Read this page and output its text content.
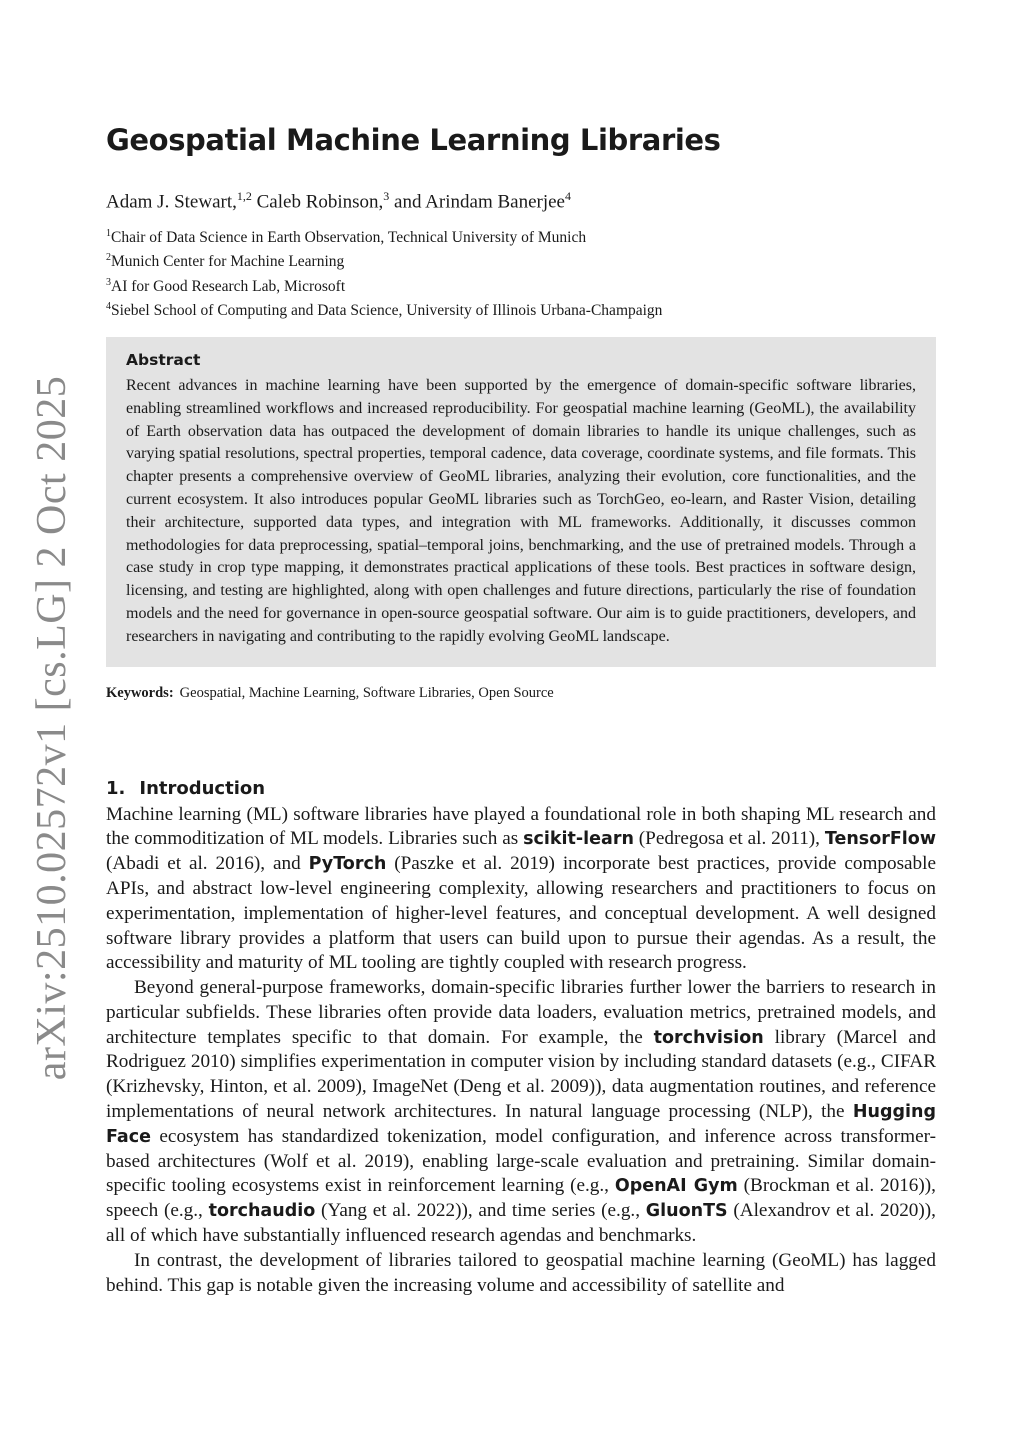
arXiv:2510.02572v1 [cs.LG] 2 Oct 2025
Geospatial Machine Learning Libraries
Adam J. Stewart,$^{1,2}$ Caleb Robinson,$^3$ and Arindam Banerjee$^4$
$^1$Chair of Data Science in Earth Observation, Technical University of Munich
$^2$Munich Center for Machine Learning
$^3$AI for Good Research Lab, Microsoft
$^4$Siebel School of Computing and Data Science, University of Illinois Urbana-Champaign
Abstract
Recent advances in machine learning have been supported by the emergence of domain-specific software libraries, enabling streamlined workflows and increased reproducibility. For geospatial machine learning (GeoML), the availability of Earth observation data has outpaced the development of domain libraries to handle its unique challenges, such as varying spatial resolutions, spectral properties, temporal cadence, data coverage, coordinate systems, and file formats. This chapter presents a comprehensive overview of GeoML libraries, analyzing their evolution, core functionalities, and the current ecosystem. It also introduces popular GeoML libraries such as TorchGeo, eo-learn, and Raster Vision, detailing their architecture, supported data types, and integration with ML frameworks. Additionally, it discusses common methodologies for data preprocessing, spatial–temporal joins, benchmarking, and the use of pretrained models. Through a case study in crop type mapping, it demonstrates practical applications of these tools. Best practices in software design, licensing, and testing are highlighted, along with open challenges and future directions, particularly the rise of foundation models and the need for governance in open-source geospatial software. Our aim is to guide practitioners, developers, and researchers in navigating and contributing to the rapidly evolving GeoML landscape.
Keywords: Geospatial, Machine Learning, Software Libraries, Open Source
1. Introduction

Machine learning (ML) software libraries have played a foundational role in both shaping ML research and the commoditization of ML models. Libraries such as scikit-learn (Pedregosa et al. 2011), TensorFlow (Abadi et al. 2016), and PyTorch (Paszke et al. 2019) incorporate best practices, provide composable APIs, and abstract low-level engineering complexity, allowing researchers and practitioners to focus on experimentation, implementation of higher-level features, and conceptual development. A well designed software library provides a platform that users can build upon to pursue their agendas. As a result, the accessibility and maturity of ML tooling are tightly coupled with research progress.

Beyond general-purpose frameworks, domain-specific libraries further lower the barriers to research in particular subfields. These libraries often provide data loaders, evaluation metrics, pretrained models, and architecture templates specific to that domain. For example, the torchvision library (Marcel and Rodriguez 2010) simplifies experimentation in computer vision by including standard datasets (e.g., CIFAR (Krizhevsky, Hinton, et al. 2009), ImageNet (Deng et al. 2009)), data augmentation routines, and reference implementations of neural network architectures. In natural language processing (NLP), the Hugging Face ecosystem has standardized tokenization, model configuration, and inference across transformer-based architectures (Wolf et al. 2019), enabling large-scale evaluation and pretraining. Similar domain-specific tooling ecosystems exist in reinforcement learning (e.g., OpenAI Gym (Brockman et al. 2016)), speech (e.g., torchaudio (Yang et al. 2022)), and time series (e.g., GluonTS (Alexandrov et al. 2020)), all of which have substantially influenced research agendas and benchmarks.

In contrast, the development of libraries tailored to geospatial machine learning (GeoML) has lagged behind. This gap is notable given the increasing volume and accessibility of satellite and
